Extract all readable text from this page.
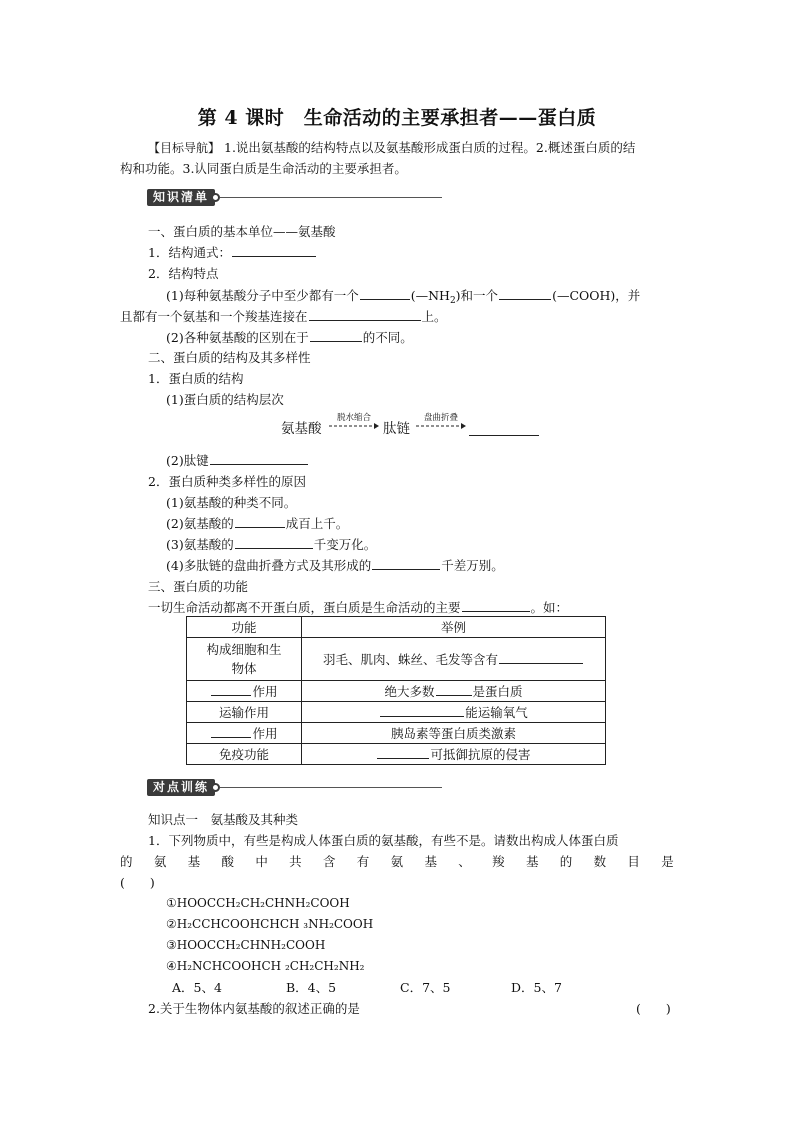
第 4 课时　生命活动的主要承担者——蛋白质
【目标导航】 1.说出氨基酸的结构特点以及氨基酸形成蛋白质的过程。2.概述蛋白质的结
构和功能。3.认同蛋白质是生命活动的主要承担者。
知识清单
一、蛋白质的基本单位——氨基酸
1．结构通式：
2．结构特点
(1)每种氨基酸分子中至少都有一个	$(—NH_2)$和一个	(—COOH)，并
且都有一个氨基和一个羧基连接在	上。
(2)各种氨基酸的区别在于	的不同。
二、蛋白质的结构及其多样性
1．蛋白质的结构
(1)蛋白质的结构层次
氨基酸
脱水缩合
肽链
盘曲折叠
(2)肽键
2．蛋白质种类多样性的原因
(1)氨基酸的种类不同。
(2)氨基酸的	成百上千。
(3)氨基酸的	千变万化。
(4)多肽链的盘曲折叠方式及其形成的	千差万别。
三、蛋白质的功能
一切生命活动都离不开蛋白质，蛋白质是生命活动的主要	。如：
功能	举例
构成细胞和生
物体	羽毛、肌肉、蛛丝、毛发等含有
作用	绝大多数 是蛋白质
运输作用	能运输氧气
作用	胰岛素等蛋白质类激素
免疫功能	可抵御抗原的侵害
对点训练
知识点一　氨基酸及其种类
1．下列物质中，有些是构成人体蛋白质的氨基酸，有些不是。请数出构成人体蛋白质
的 氨 基 酸 中 共 含 有 氨 基 、 羧 基 的 数 目 是
(　　)
①HOOCCH₂CH₂CHNH₂COOH
②H₂CCHCOOHCHCH ₃NH₂COOH
③HOOCCH₂CHNH₂COOH
④H₂NCHCOOHCH ₂CH₂CH₂NH₂
A．5、4	B．4、5	C．7、5	D．5、7
2.关于生物体内氨基酸的叙述正确的是	(　　)
